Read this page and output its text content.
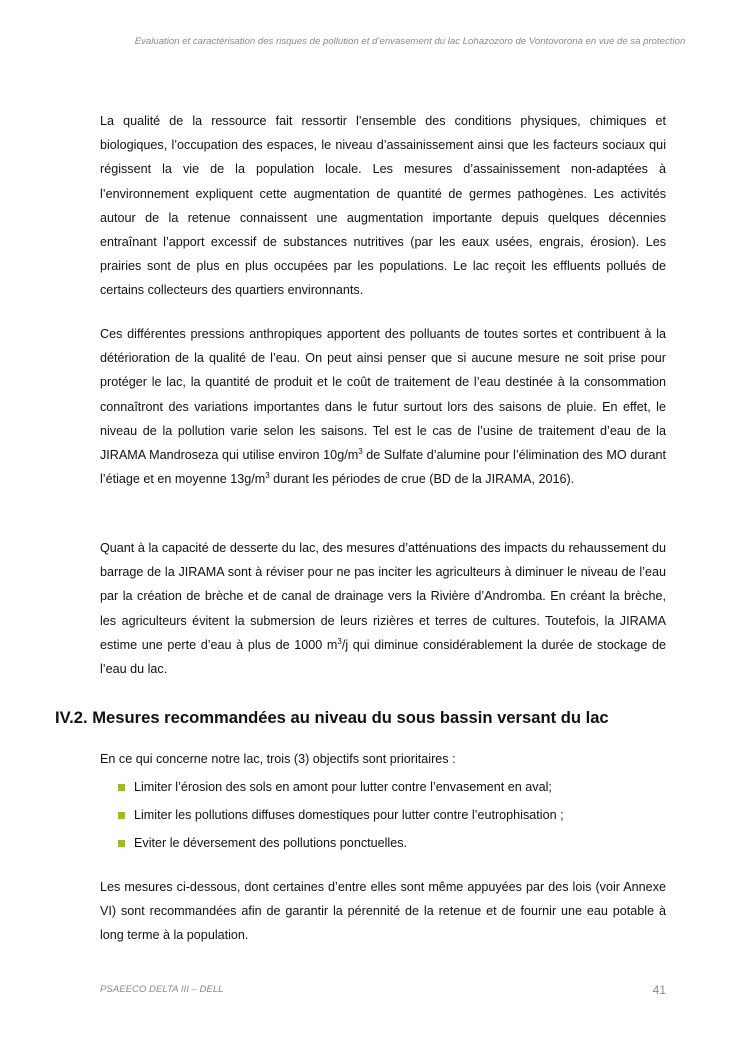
Evaluation et caractérisation des risques de pollution et d’envasement du lac Lohazozoro de Vontovorona en vue de sa protection

La qualité de la ressource fait ressortir l’ensemble des conditions physiques, chimiques et biologiques, l’occupation des espaces, le niveau d’assainissement ainsi que les facteurs sociaux qui régissent la vie de la population locale. Les mesures d’assainissement non-adaptées à l’environnement expliquent cette augmentation de quantité de germes pathogènes. Les activités autour de la retenue connaissent une augmentation importante depuis quelques décennies entraînant l’apport excessif de substances nutritives (par les eaux usées, engrais, érosion). Les prairies sont de plus en plus occupées par les populations. Le lac reçoit les effluents pollués de certains collecteurs des quartiers environnants.

Ces différentes pressions anthropiques apportent des polluants de toutes sortes et contribuent à la détérioration de la qualité de l’eau. On peut ainsi penser que si aucune mesure ne soit prise pour protéger le lac, la quantité de produit et le coût de traitement de l’eau destinée à la consommation connaîtront des variations importantes dans le futur surtout lors des saisons de pluie. En effet, le niveau de la pollution varie selon les saisons. Tel est le cas de l’usine de traitement d’eau de la JIRAMA Mandroseza qui utilise environ $10g/m^3$ de Sulfate d’alumine pour l’élimination des MO durant l’étiage et en moyenne $13g/m^3$ durant les périodes de crue (BD de la JIRAMA, 2016).

Quant à la capacité de desserte du lac, des mesures d’atténuations des impacts du rehaussement du barrage de la JIRAMA sont à réviser pour ne pas inciter les agriculteurs à diminuer le niveau de l’eau par la création de brèche et de canal de drainage vers la Rivière d’Andromba. En créant la brèche, les agriculteurs évitent la submersion de leurs rizières et terres de cultures. Toutefois, la JIRAMA estime une perte d’eau à plus de 1000 $m^3/j$ qui diminue considérablement la durée de stockage de l’eau du lac.

IV.2. Mesures recommandées au niveau du sous bassin versant du lac

En ce qui concerne notre lac, trois (3) objectifs sont prioritaires :

Limiter l’érosion des sols en amont pour lutter contre l’envasement en aval;
Limiter les pollutions diffuses domestiques pour lutter contre l’eutrophisation ;
Eviter le déversement des pollutions ponctuelles.

Les mesures ci-dessous, dont certaines d’entre elles sont même appuyées par des lois (voir Annexe VI) sont recommandées afin de garantir la pérennité de la retenue et de fournir une eau potable à long terme à la population.

PSAEECO DELTA III – DELL	41
